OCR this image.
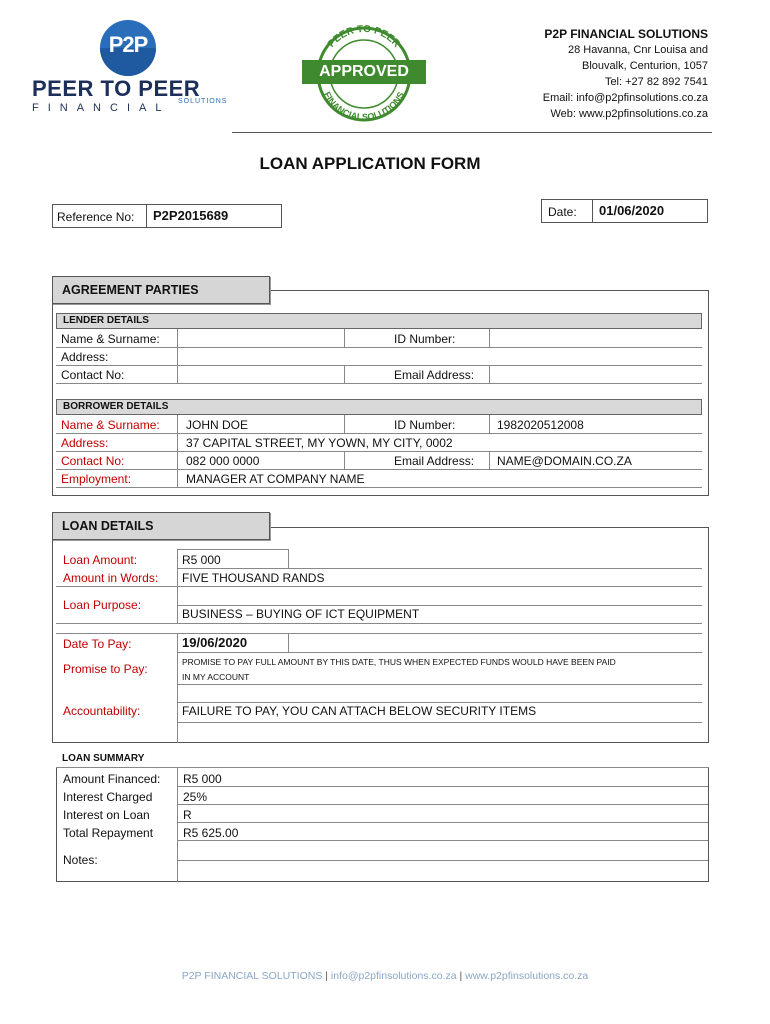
P2P
PEER TO PEER
FINANCIAL
SOLUTIONS
PEER TO PEER
FINANCIALSOLUTIONS
APPROVED
P2P FINANCIAL SOLUTIONS
28 Havanna, Cnr Louisa and
Blouvalk, Centurion, 1057
Tel: +27 82 892 7541
Email: info@p2pfinsolutions.co.za
Web: www.p2pfinsolutions.co.za
LOAN APPLICATION FORM
Reference No: P2P2015689	Date: 01/06/2020
AGREEMENT PARTIES
LENDER DETAILS
Name & Surname:	ID Number:
Address:
Contact No:	Email Address:
BORROWER DETAILS
Name & Surname: JOHN DOE	ID Number:	1982020512008
Address:	37 CAPITAL STREET, MY YOWN, MY CITY, 0002
Contact No:	082 000 0000	Email Address: NAME@DOMAIN.CO.ZA
Employment:	MANAGER AT COMPANY NAME
LOAN DETAILS
Loan Amount:	R5 000
Amount in Words: FIVE THOUSAND RANDS
Loan Purpose:
BUSINESS – BUYING OF ICT EQUIPMENT
Date To Pay:	19/06/2020
Promise to Pay:	PROMISE TO PAY FULL AMOUNT BY THIS DATE, THUS WHEN EXPECTED FUNDS WOULD HAVE BEEN PAID
IN MY ACCOUNT
Accountability:	FAILURE TO PAY, YOU CAN ATTACH BELOW SECURITY ITEMS
LOAN SUMMARY
Amount Financed: R5 000
Interest Charged	25%
Interest on Loan	R
Total Repayment R5 625.00
Notes:
P2P FINANCIAL SOLUTIONS | info@p2pfinsolutions.co.za | www.p2pfinsolutions.co.za
